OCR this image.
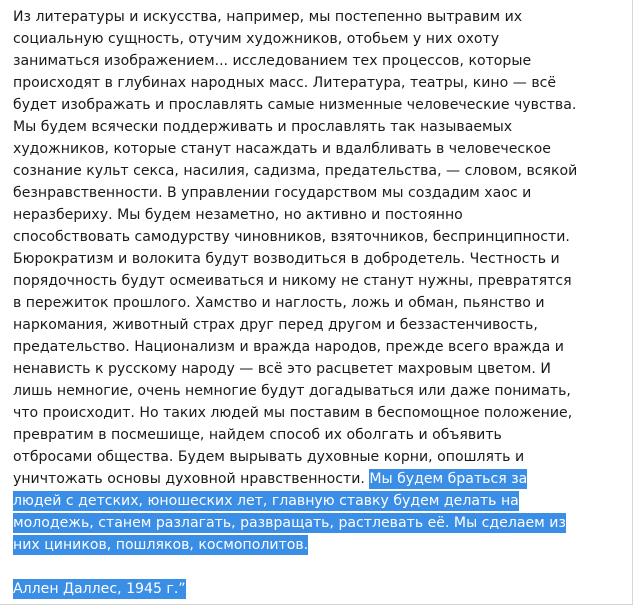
Из литературы и искусства, например, мы постепенно вытравим их
социальную сущность, отучим художников, отобьем у них охоту
заниматься изображением... исследованием тех процессов, которые
происходят в глубинах народных масс. Литература, театры, кино — всё
будет изображать и прославлять самые низменные человеческие чувства.
Мы будем всячески поддерживать и прославлять так называемых
художников, которые станут насаждать и вдалбливать в человеческое
сознание культ секса, насилия, садизма, предательства, — словом, всякой
безнравственности. В управлении государством мы создадим хаос и
неразбериху. Мы будем незаметно, но активно и постоянно
способствовать самодурству чиновников, взяточников, беспринципности.
Бюрократизм и волокита будут возводиться в добродетель. Честность и
порядочность будут осмеиваться и никому не станут нужны, превратятся
в пережиток прошлого. Хамство и наглость, ложь и обман, пьянство и
наркомания, животный страх друг перед другом и беззастенчивость,
предательство. Национализм и вражда народов, прежде всего вражда и
ненависть к русскому народу — всё это расцветет махровым цветом. И
лишь немногие, очень немногие будут догадываться или даже понимать,
что происходит. Но таких людей мы поставим в беспомощное положение,
превратим в посмешище, найдем способ их оболгать и объявить
отбросами общества. Будем вырывать духовные корни, опошлять и
уничтожать основы духовной нравственности. Мы будем браться за
людей с детских, юношеских лет, главную ставку будем делать на
молодежь, станем разлагать, развращать, растлевать её. Мы сделаем из
них циников, пошляков, космополитов.
Аллен Даллес, 1945 г.”
